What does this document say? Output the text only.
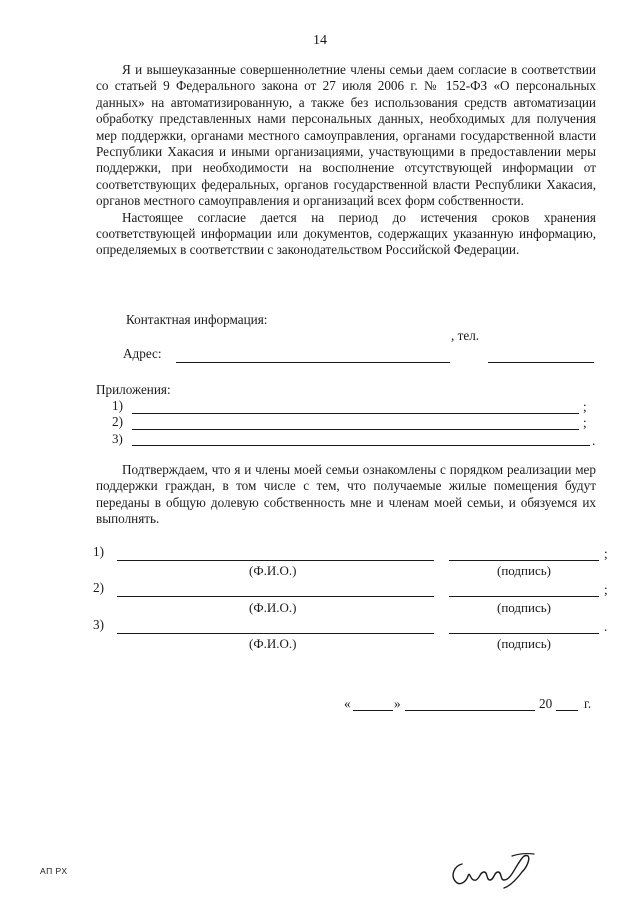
14

Я и вышеуказанные совершеннолетние члены семьи даем согласие в соответствии со статьей 9 Федерального закона от 27 июля 2006 г. № 152-ФЗ «О персональных данных» на автоматизированную, а также без использования средств автоматизации обработку представленных нами персональных данных, необходимых для получения мер поддержки, органами местного самоуправления, органами государственной власти Республики Хакасия и иными организациями, участвующими в предоставлении меры поддержки, при необходимости на восполнение отсутствующей информации от соответствующих федеральных, органов государственной власти Республики Хакасия, органов местного самоуправления и организаций всех форм собственности.

Настоящее согласие дается на период до истечения сроков хранения соответствующей информации или документов, содержащих указанную информацию, определяемых в соответствии с законодательством Российской Федерации.

Контактная информация:
, тел.
Адрес:
Приложения:
1)	;
2)	;
3)	.

Подтверждаем, что я и члены моей семьи ознакомлены с порядком реализации мер поддержки граждан, в том числе с тем, что получаемые жилые помещения будут переданы в общую долевую собственность мне и членам моей семьи, и обязуемся их выполнять.

1)	;
(Ф.И.О.)	(подпись)
2)	;
(Ф.И.О.)	(подпись)
3)	.
(Ф.И.О.)	(подпись)
«	»	20 г.
АП РХ
